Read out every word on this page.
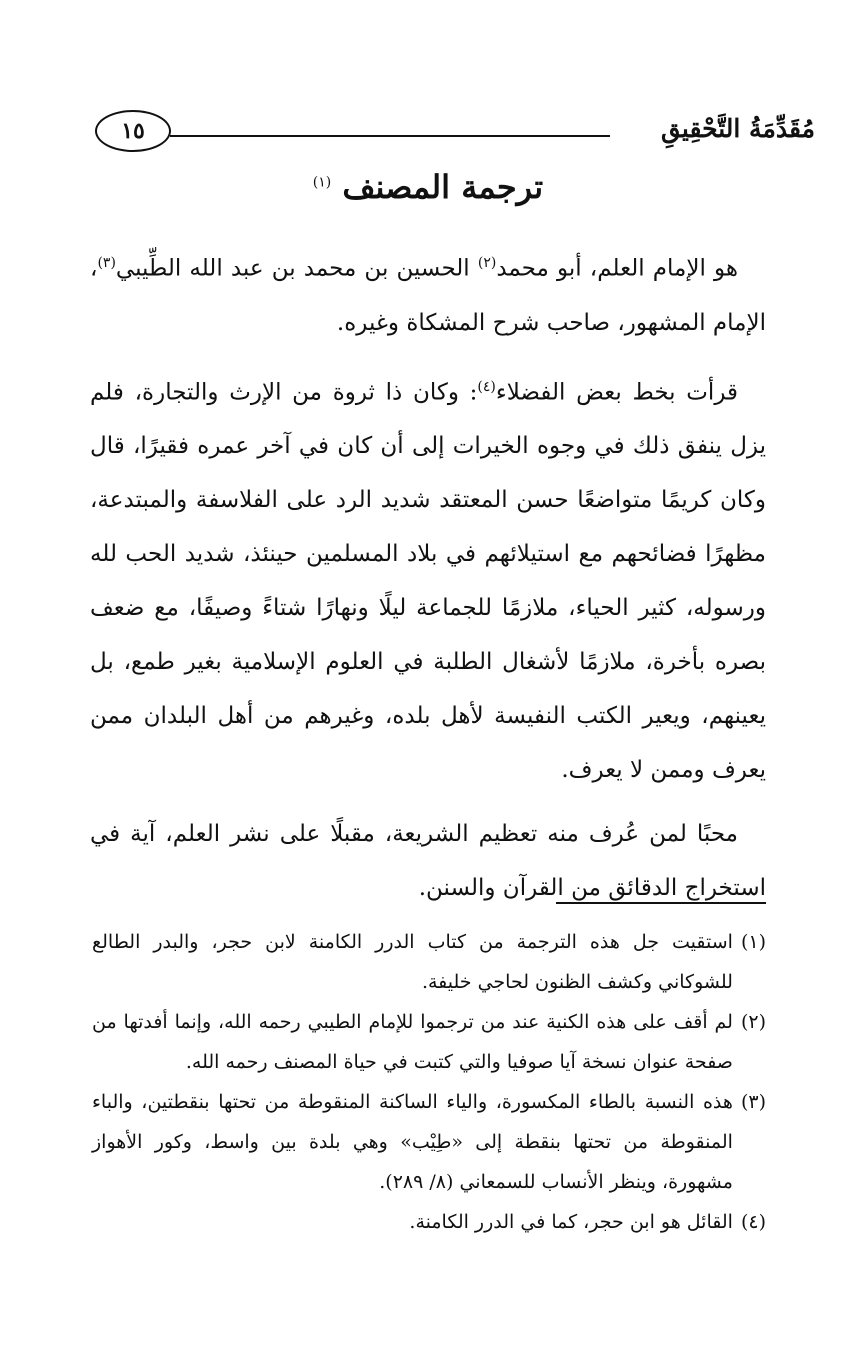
مُقَدِّمَةُ التَّحْقِيقِ
١٥
ترجمة المصنف $^{(١)}$

هو الإمام العلم، أبو محمد$^{(٢)}$ الحسين بن محمد بن عبد الله الطِّيبي$^{(٣)}$، الإمام المشهور، صاحب شرح المشكاة وغيره.

قرأت بخط بعض الفضلاء$^{(٤)}$: وكان ذا ثروة من الإرث والتجارة، فلم يزل ينفق ذلك في وجوه الخيرات إلى أن كان في آخر عمره فقيرًا، قال وكان كريمًا متواضعًا حسن المعتقد شديد الرد على الفلاسفة والمبتدعة، مظهرًا فضائحهم مع استيلائهم في بلاد المسلمين حينئذ، شديد الحب لله ورسوله، كثير الحياء، ملازمًا للجماعة ليلًا ونهارًا شتاءً وصيفًا، مع ضعف بصره بأخرة، ملازمًا لأشغال الطلبة في العلوم الإسلامية بغير طمع، بل يعينهم، ويعير الكتب النفيسة لأهل بلده، وغيرهم من أهل البلدان ممن يعرف وممن لا يعرف.

محبًا لمن عُرف منه تعظيم الشريعة، مقبلًا على نشر العلم، آية في استخراج الدقائق من القرآن والسنن.

(١)
استقيت جل هذه الترجمة من كتاب الدرر الكامنة لابن حجر، والبدر الطالع للشوكاني وكشف الظنون لحاجي خليفة.
(٢)
لم أقف على هذه الكنية عند من ترجموا للإمام الطيبي رحمه الله، وإنما أفدتها من صفحة عنوان نسخة آيا صوفيا والتي كتبت في حياة المصنف رحمه الله.
(٣)
هذه النسبة بالطاء المكسورة، والياء الساكنة المنقوطة من تحتها بنقطتين، والباء المنقوطة من تحتها بنقطة إلى «طِيْب» وهي بلدة بين واسط، وكور الأهواز مشهورة، وينظر الأنساب للسمعاني (٨/ ٢٨٩).
(٤)
القائل هو ابن حجر، كما في الدرر الكامنة.
